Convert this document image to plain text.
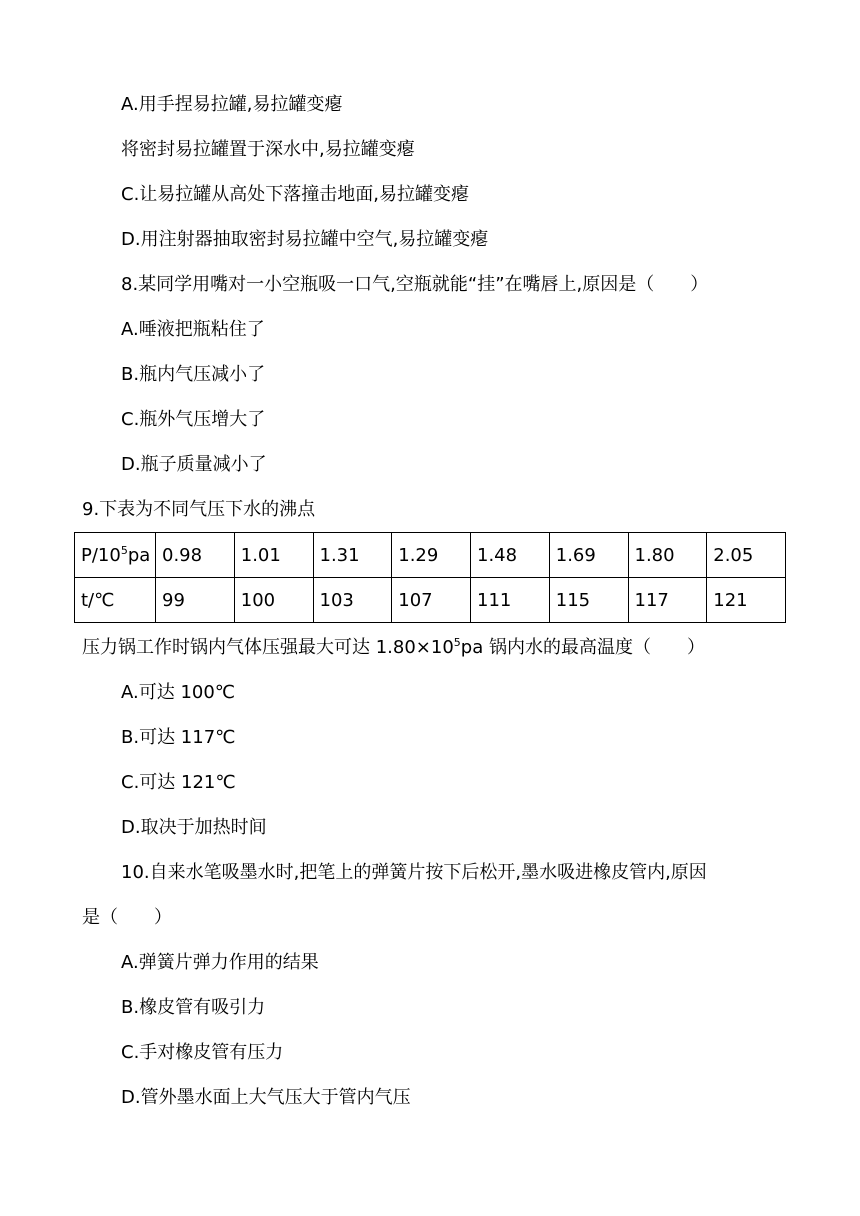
A.用手捏易拉罐,易拉罐变瘪
将密封易拉罐置于深水中,易拉罐变瘪
C.让易拉罐从高处下落撞击地面,易拉罐变瘪
D.用注射器抽取密封易拉罐中空气,易拉罐变瘪
8.某同学用嘴对一小空瓶吸一口气,空瓶就能“挂”在嘴唇上,原因是（　　）
A.唾液把瓶粘住了
B.瓶内气压减小了
C.瓶外气压增大了
D.瓶子质量减小了
9.下表为不同气压下水的沸点
$P/10^5pa$	0.98	1.01	1.31	1.29	1.48	1.69	1.80	2.05
t/℃	99	100	103	107	111	115	117	121
压力锅工作时锅内气体压强最大可达 $1.80\times 10^5pa$ 锅内水的最高温度（　　）
A.可达 100℃
B.可达 117℃
C.可达 121℃
D.取决于加热时间
10.自来水笔吸墨水时,把笔上的弹簧片按下后松开,墨水吸进橡皮管内,原因
是（　　）
A.弹簧片弹力作用的结果
B.橡皮管有吸引力
C.手对橡皮管有压力
D.管外墨水面上大气压大于管内气压
